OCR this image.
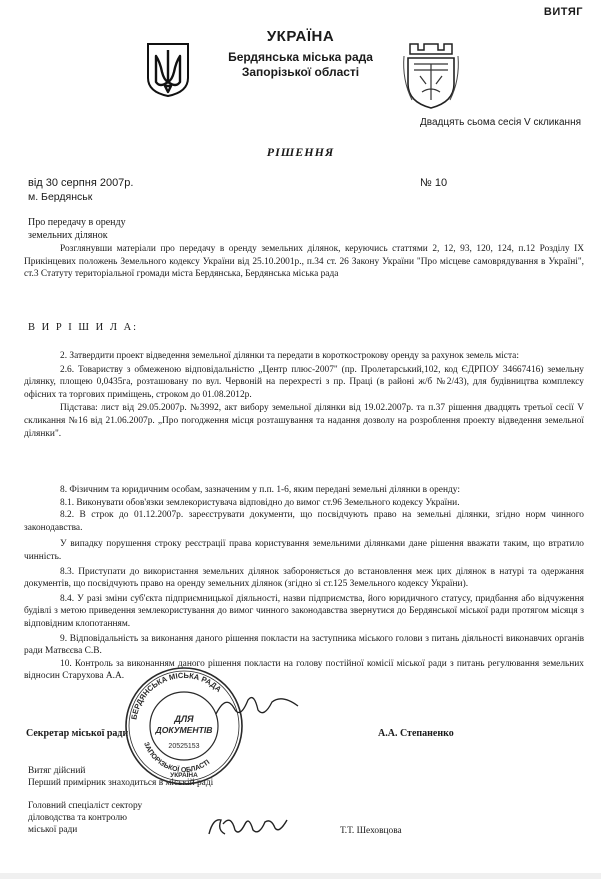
ВИТЯГ
УКРАЇНА
Бердянська міська рада
Запорізької області
Двадцять сьома сесія V скликання
РІШЕННЯ
від 30 серпня 2007р.	№ 10
м. Бердянськ
Про передачу в оренду
земельних ділянок

Розглянувши матеріали про передачу в оренду земельних ділянок, керуючись статтями 2, 12, 93, 120, 124, п.12 Розділу IX Прикінцевих положень Земельного кодексу України від 25.10.2001р., п.34 ст. 26 Закону України "Про місцеве самоврядування в Україні", ст.3 Статуту територіальної громади міста Бердянська, Бердянська міська рада

В И Р І Ш И Л А:

2. Затвердити проект відведення земельної ділянки та передати в короткострокову оренду за рахунок земель міста:

2.6. Товариству з обмеженою відповідальністю „Центр плюс-2007" (пр. Пролетарський,102, код ЄДРПОУ 34667416) земельну ділянку, площею 0,0435га, розташовану по вул. Червоній на перехресті з пр. Праці (в районі ж/б №2/43), для будівництва комплексу офісних та торгових приміщень, строком до 01.08.2012р.

Підстава: лист від 29.05.2007р. №3992, акт вибору земельної ділянки від 19.02.2007р. та п.37 рішення двадцять третьої сесії V скликання №16 від 21.06.2007р. „Про погодження місця розташування та надання дозволу на розроблення проекту відведення земельної ділянки".

8. Фізичним та юридичним особам, зазначеним у п.п. 1-6, яким передані земельні ділянки в оренду:

8.1. Виконувати обов'язки землекористувача відповідно до вимог ст.96 Земельного кодексу України.

8.2. В строк до 01.12.2007р. зареєструвати документи, що посвідчують право на земельні ділянки, згідно норм чинного законодавства.

У випадку порушення строку реєстрації права користування земельними ділянками дане рішення вважати таким, що втратило чинність.

8.3. Приступати до використання земельних ділянок забороняється до встановлення меж цих ділянок в натурі та одержання документів, що посвідчують право на оренду земельних ділянок (згідно зі ст.125 Земельного кодексу України).

8.4. У разі зміни суб'єкта підприємницької діяльності, назви підприємства, його юридичного статусу, придбання або відчуження будівлі з метою приведення землекористування до вимог чинного законодавства звернутися до Бердянської міської ради протягом місяця з відповідним клопотанням.

9. Відповідальність за виконання даного рішення покласти на заступника міського голови з питань діяльності виконавчих органів ради Матвєєва С.В.

10. Контроль за виконанням даного рішення покласти на голову постійної комісії міської ради з питань регулювання земельних відносин Старухова А.А.

Секретар міської ради	А.А. Степаненко
Витяг дійсний
Перший примірник знаходиться в міській раді
Головний спеціаліст сектору
діловодства та контролю
міської ради	Т.Т. Шеховцова
БЕРДЯНСЬКА МІСЬКА РАДА
ЗАПОРІЗЬКОЇ ОБЛАСТІ
УКРАЇНА
ДЛЯ
ДОКУМЕНТІВ
20525153
